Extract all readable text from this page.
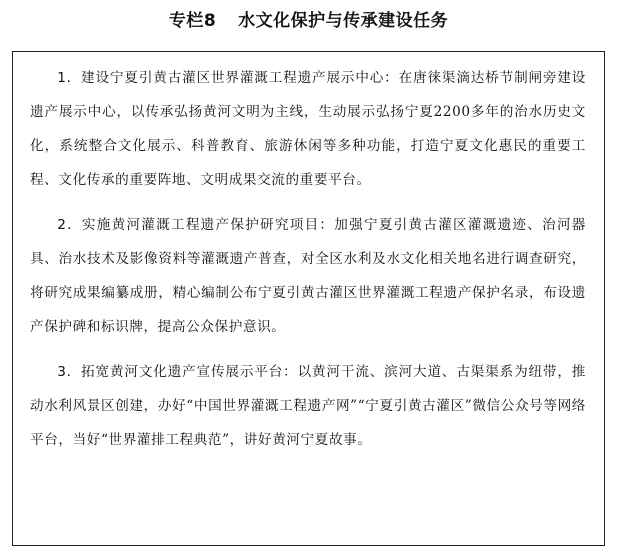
专栏8 水文化保护与传承建设任务

1．建设宁夏引黄古灌区世界灌溉工程遗产展示中心：在唐徕渠滴达桥节制闸旁建设遗产展示中心，以传承弘扬黄河文明为主线，生动展示弘扬宁夏2200多年的治水历史文化，系统整合文化展示、科普教育、旅游休闲等多种功能，打造宁夏文化惠民的重要工程、文化传承的重要阵地、文明成果交流的重要平台。

2．实施黄河灌溉工程遗产保护研究项目：加强宁夏引黄古灌区灌溉遗迹、治河器具、治水技术及影像资料等灌溉遗产普查，对全区水利及水文化相关地名进行调查研究，将研究成果编纂成册，精心编制公布宁夏引黄古灌区世界灌溉工程遗产保护名录，布设遗产保护碑和标识牌，提高公众保护意识。

3．拓宽黄河文化遗产宣传展示平台：以黄河干流、滨河大道、古渠渠系为纽带，推动水利风景区创建，办好“中国世界灌溉工程遗产网”“宁夏引黄古灌区”微信公众号等网络平台，当好“世界灌排工程典范”，讲好黄河宁夏故事。
